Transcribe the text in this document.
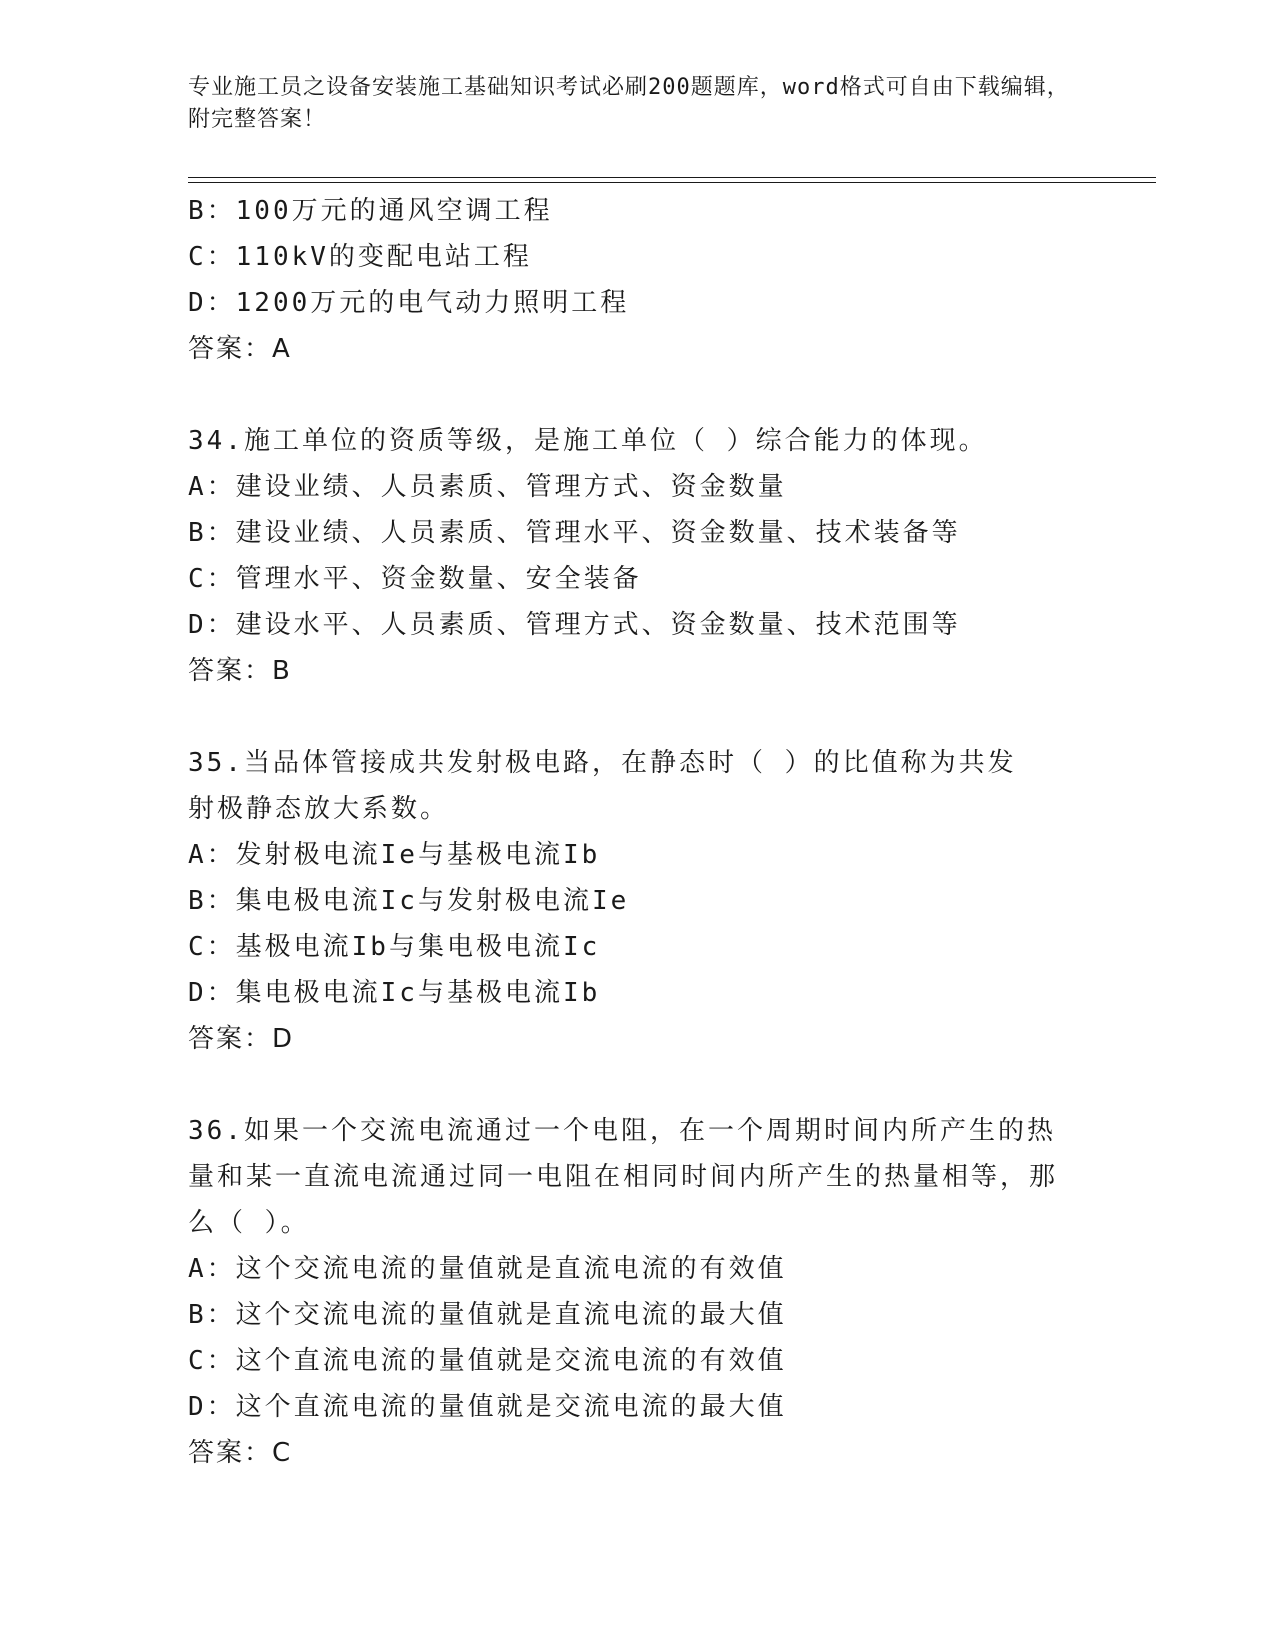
专业施工员之设备安装施工基础知识考试必刷200题题库，word格式可自由下载编辑，附完整答案！
B：100万元的通风空调工程
C：110kV的变配电站工程
D：1200万元的电气动力照明工程
答案：A
34.施工单位的资质等级，是施工单位（ ）综合能力的体现。
A：建设业绩、人员素质、管理方式、资金数量
B：建设业绩、人员素质、管理水平、资金数量、技术装备等
C：管理水平、资金数量、安全装备
D：建设水平、人员素质、管理方式、资金数量、技术范围等
答案：B
35.当品体管接成共发射极电路，在静态时（ ）的比值称为共发射极静态放大系数。
A：发射极电流Ie与基极电流Ib
B：集电极电流Ic与发射极电流Ie
C：基极电流Ib与集电极电流Ic
D：集电极电流Ic与基极电流Ib
答案：D
36.如果一个交流电流通过一个电阻，在一个周期时间内所产生的热量和某一直流电流通过同一电阻在相同时间内所产生的热量相等，那么（ ）。
A：这个交流电流的量值就是直流电流的有效值
B：这个交流电流的量值就是直流电流的最大值
C：这个直流电流的量值就是交流电流的有效值
D：这个直流电流的量值就是交流电流的最大值
答案：C
